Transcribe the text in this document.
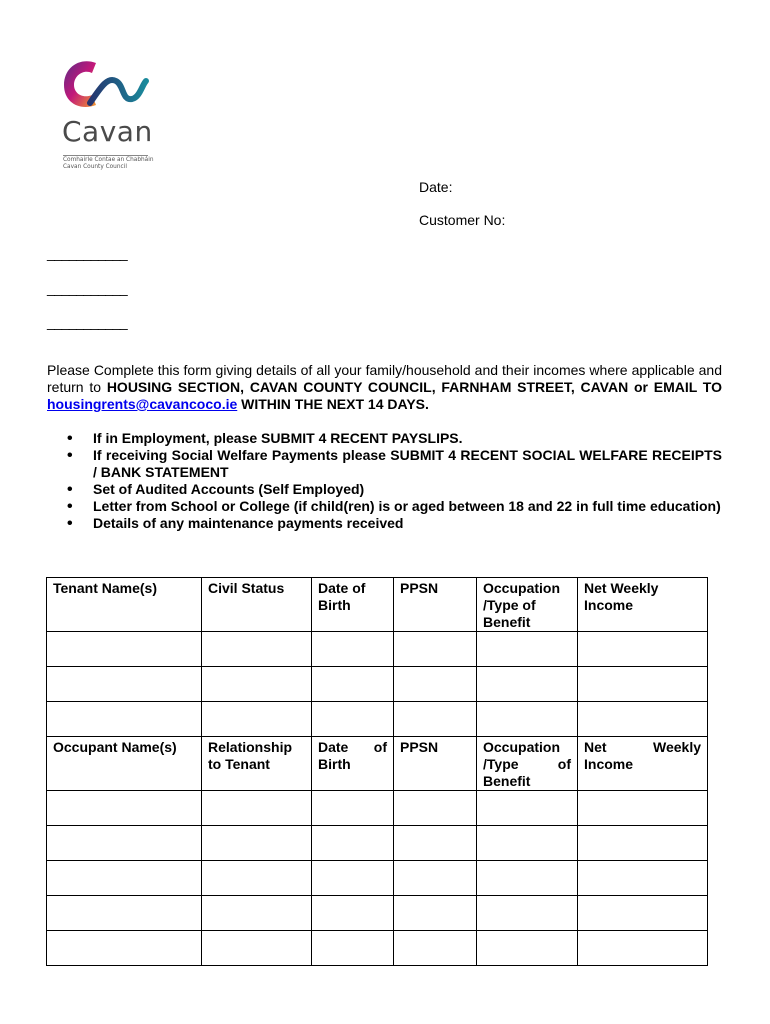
Cavan
Comhairle Contae an Chabháin
Cavan County Council
Date:
Customer No:
___________
___________
___________
Please Complete this form giving details of all your family/household and their incomes where applicable and return to HOUSING SECTION, CAVAN COUNTY COUNCIL, FARNHAM STREET, CAVAN or EMAIL TO housingrents@cavancoco.ie WITHIN THE NEXT 14 DAYS.
• If in Employment, please SUBMIT 4 RECENT PAYSLIPS.
• If receiving Social Welfare Payments please SUBMIT 4 RECENT SOCIAL WELFARE RECEIPTS / BANK STATEMENT
• Set of Audited Accounts (Self Employed)
• Letter from School or College (if child(ren) is or aged between 18 and 22 in full time education)
• Details of any maintenance payments received
Tenant Name(s)	Civil Status	Date of Birth	PPSN	Occupation /Type of Benefit	Net Weekly Income

Occupant Name(s)	Relationship to Tenant	Date of Birth	PPSN	Occupation /Type of Benefit	Net Weekly Income
